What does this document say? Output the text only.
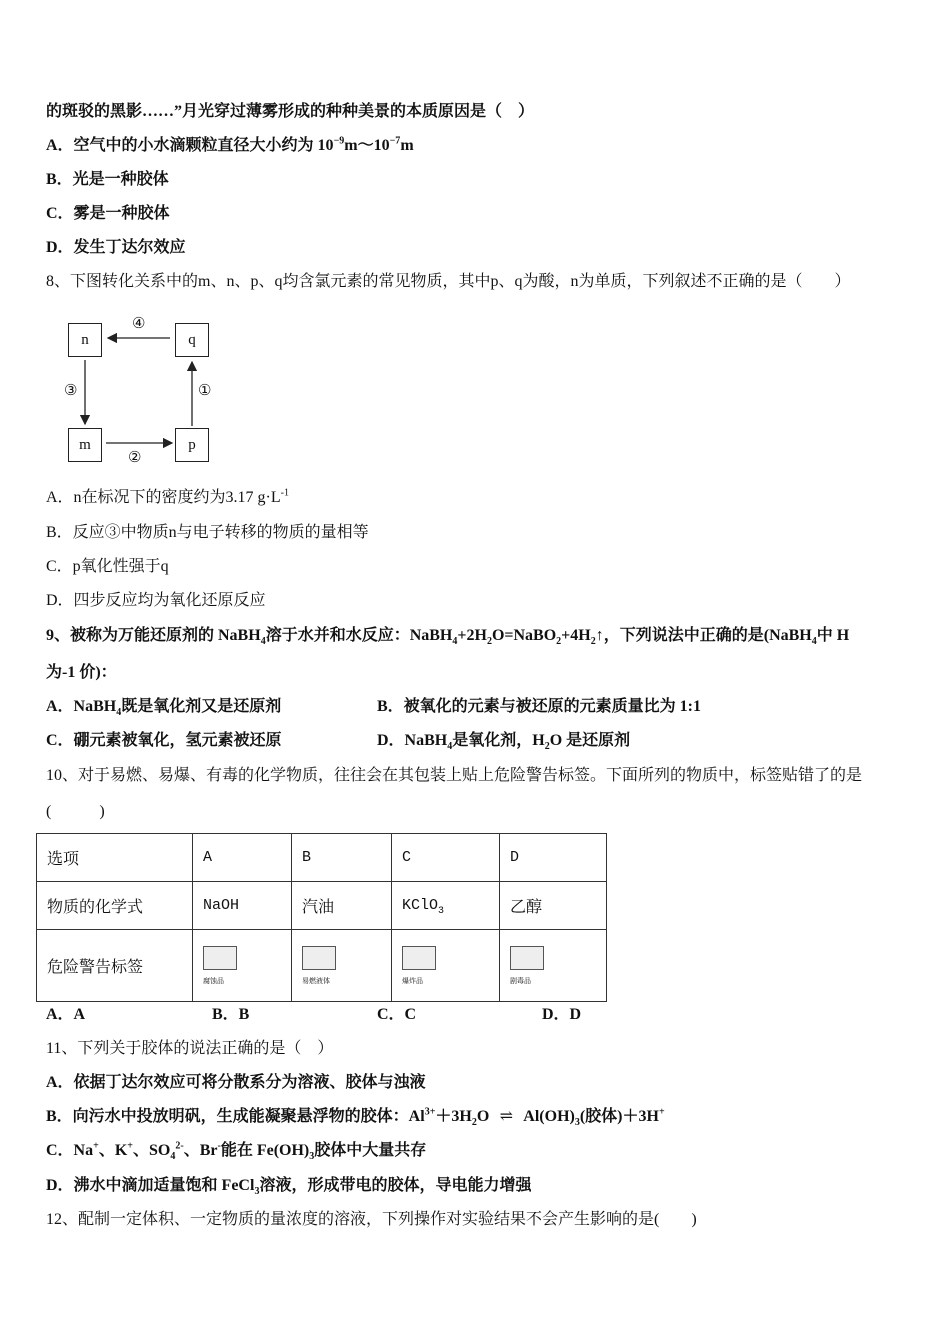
的斑驳的黑影……”月光穿过薄雾形成的种种美景的本质原因是（　）
A．空气中的小水滴颗粒直径大小约为 $10^{-9}m\sim 10^{-7}m$
B．光是一种胶体
C．雾是一种胶体
D．发生丁达尔效应
8、下图转化关系中的m、n、p、q均含氯元素的常见物质，其中p、q为酸，n为单质，下列叙述不正确的是（　　）
n	q
m	p
④
③
②
①
A．n在标况下的密度约为3.17 $g\cdot L^{-1}$
B．反应③中物质n与电子转移的物质的量相等
C．p氧化性强于q
D．四步反应均为氧化还原反应
9、被称为万能还原剂的 NaBH$_4$溶于水并和水反应：$NaBH_4+2H_2O=NaBO_2+4H_2↑$，下列说法中正确的是(NaBH$_4$中 H
为-1 价)：
A．NaBH$_4$既是氧化剂又是还原剂	B．被氧化的元素与被还原的元素质量比为 1:1
C．硼元素被氧化，氢元素被还原	D．NaBH$_4$是氧化剂，$H_2O$ 是还原剂
10、对于易燃、易爆、有毒的化学物质，往往会在其包装上贴上危险警告标签。下面所列的物质中，标签贴错了的是
(　　　)
选项	A	B	C	D
物质的化学式	NaOH	汽油	KClO$_3$	乙醇
危险警告标签	腐蚀品	易燃液体	爆炸品	剧毒品
A．A	B．B	C．C	D．D
11、下列关于胶体的说法正确的是（　）
A．依据丁达尔效应可将分散系分为溶液、胶体与浊液
B．向污水中投放明矾，生成能凝聚悬浮物的胶体：$Al^{3+}+3H_2O$ ⇌ $Al(OH)_3$(胶体)＋3H+
C．Na+、K+、$SO_4^{2-}$、Br-能在 $Fe(OH)_3$胶体中大量共存
D．沸水中滴加适量饱和 FeCl$_3$溶液，形成带电的胶体，导电能力增强
12、配制一定体积、一定物质的量浓度的溶液，下列操作对实验结果不会产生影响的是(　　)
